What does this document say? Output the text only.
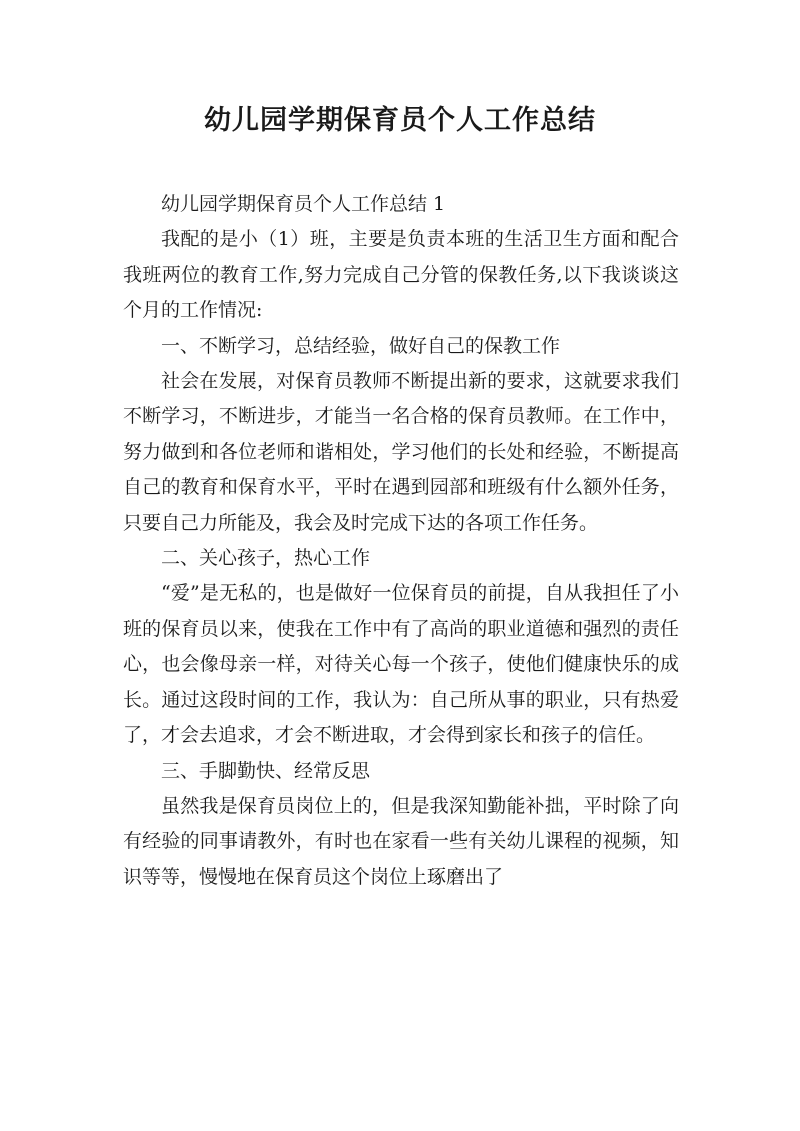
幼儿园学期保育员个人工作总结

幼儿园学期保育员个人工作总结 1

我配的是小（1）班，主要是负责本班的生活卫生方面和配合我班两位的教育工作,努力完成自己分管的保教任务,以下我谈谈这个月的工作情况:

一、不断学习，总结经验，做好自己的保教工作

社会在发展，对保育员教师不断提出新的要求，这就要求我们不断学习，不断进步，才能当一名合格的保育员教师。在工作中，努力做到和各位老师和谐相处，学习他们的长处和经验，不断提高自己的教育和保育水平，平时在遇到园部和班级有什么额外任务，只要自己力所能及，我会及时完成下达的各项工作任务。

二、关心孩子，热心工作

“爱”是无私的，也是做好一位保育员的前提，自从我担任了小班的保育员以来，使我在工作中有了高尚的职业道德和强烈的责任心，也会像母亲一样，对待关心每一个孩子，使他们健康快乐的成长。通过这段时间的工作，我认为：自己所从事的职业，只有热爱了，才会去追求，才会不断进取，才会得到家长和孩子的信任。

三、手脚勤快、经常反思

虽然我是保育员岗位上的，但是我深知勤能补拙，平时除了向有经验的同事请教外，有时也在家看一些有关幼儿课程的视频，知识等等，慢慢地在保育员这个岗位上琢磨出了
